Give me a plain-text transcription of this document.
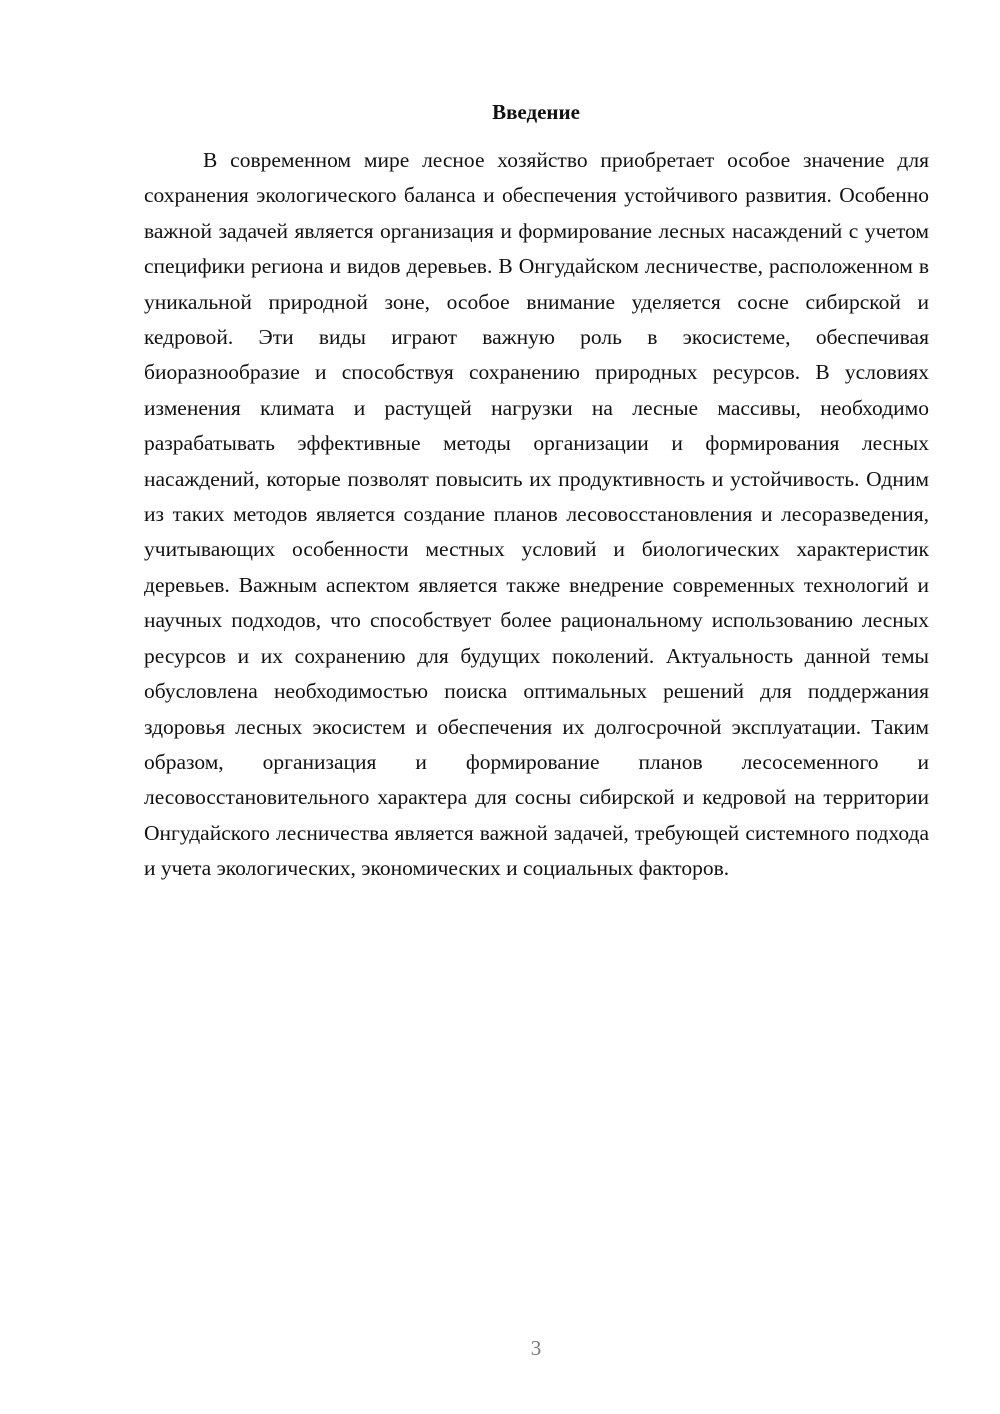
Введение

В современном мире лесное хозяйство приобретает особое значение для сохранения экологического баланса и обеспечения устойчивого развития. Особенно важной задачей является организация и формирование лесных насаждений с учетом специфики региона и видов деревьев. В Онгудайском лесничестве, расположенном в уникальной природной зоне, особое внимание уделяется сосне сибирской и кедровой. Эти виды играют важную роль в экосистеме, обеспечивая биоразнообразие и способствуя сохранению природных ресурсов. В условиях изменения климата и растущей нагрузки на лесные массивы, необходимо разрабатывать эффективные методы организации и формирования лесных насаждений, которые позволят повысить их продуктивность и устойчивость. Одним из таких методов является создание планов лесовосстановления и лесоразведения, учитывающих особенности местных условий и биологических характеристик деревьев. Важным аспектом является также внедрение современных технологий и научных подходов, что способствует более рациональному использованию лесных ресурсов и их сохранению для будущих поколений. Актуальность данной темы обусловлена необходимостью поиска оптимальных решений для поддержания здоровья лесных экосистем и обеспечения их долгосрочной эксплуатации. Таким образом, организация и формирование планов лесосеменного и лесовосстановительного характера для сосны сибирской и кедровой на территории Онгудайского лесничества является важной задачей, требующей системного подхода и учета экологических, экономических и социальных факторов.

3
